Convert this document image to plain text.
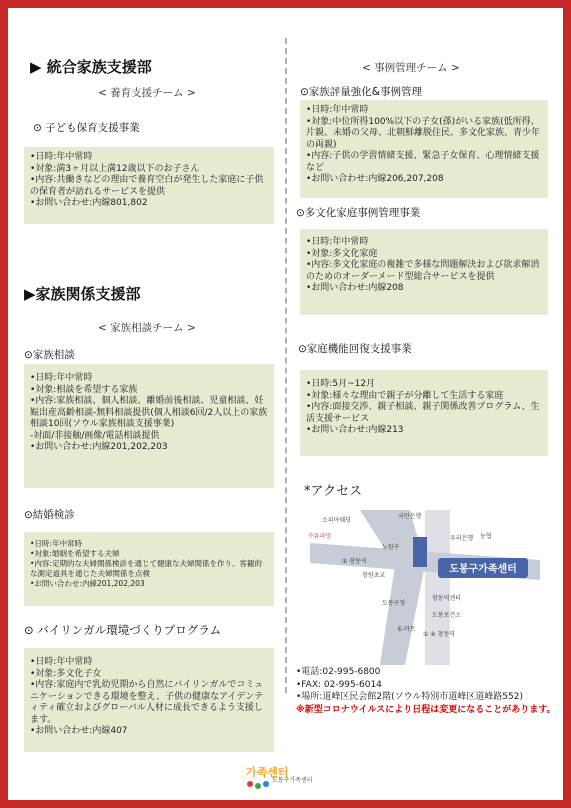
▶ 統合家族支援部
< 養育支援チーム >
⊙ 子ども保育支援事業
•日時:年中常時
•対象:満3ヶ月以上満12歳以下のお子さん
•内容:共働きなどの理由で養育空白が発生した家庭に子供の保育者が訪れるサービスを提供
•お問い合わせ:内線801,802
▶家族関係支援部
< 家族相談チーム >
⊙家族相談
•日時:年中常時
•対象:相談を希望する家族
•内容:家族相談、個人相談、離婚前後相談、児童相談、妊娠出産高齢相談-無料相談提供(個人相談6回/2人以上の家族相談10回(ソウル家族相談支援事業)
-対面/非接触/画像/電話相談提供
•お問い合わせ:内線201,202,203
⊙結婚検診
•日時:年中常時
•対象:婚姻を希望する夫婦
•内容:定期的な夫婦関係検診を通じて健康な夫婦関係を作り、客観的な測定道具を通じた夫婦関係を点検
•お問い合わせ:内線201,202,203
⊙ バイリンガル環境づくりプログラム
•日時:年中常時
•対象:多文化子女
•内容:家庭内で乳幼児期から自然にバイリンガルでコミュニケーションできる環境を整え、子供の健康なアイデンティティ確立およびグローバル人材に成長できるよう支援します。
•お問い合わせ:内線407
< 事例管理チーム >
⊙家族評量強化&事例管理
•日時:年中常時
•対象:中位所得100%以下の子女(孫)がいる家族(低所得、片親、未婚の父母、北朝鮮離脱住民、多文化家族、青少年の両親)
•内容:子供の学習情緒支援、緊急子女保育、心理情緒支援など
•お問い合わせ:内線206,207,208
⊙多文化家庭事例管理事業
•日時:年中常時
•対象:多文化家庭
•内容:多文化家庭の複雑で多様な問題解決および欲求解消のためのオーダーメード型総合サービスを提供
•お問い合わせ:内線208
⊙家庭機能回復支援事業
•日時:5月~12月
•対象:様々な理由で親子が分離して生活する家庭
•内容:面接交渉、親子相談、親子関係改善プログラム、生活支援サービス
•お問い合わせ:内線213
*アクセス
도봉구가족센터
소피아웨딩
수유파밍
국민은행
우리은행 농협
① 창동역
창원초교
노원구
도봉구청
창동역센터
도봉보건소
E-마트
① ④ 창동역
•電話:02-995-6800
•FAX: 02-995-6014
•場所:道峰区民会館2階(ソウル特別市道峰区道峰路552)
※新型コロナウイルスにより日程は変更になることがあります。
가족센터
도봉구가족센터
